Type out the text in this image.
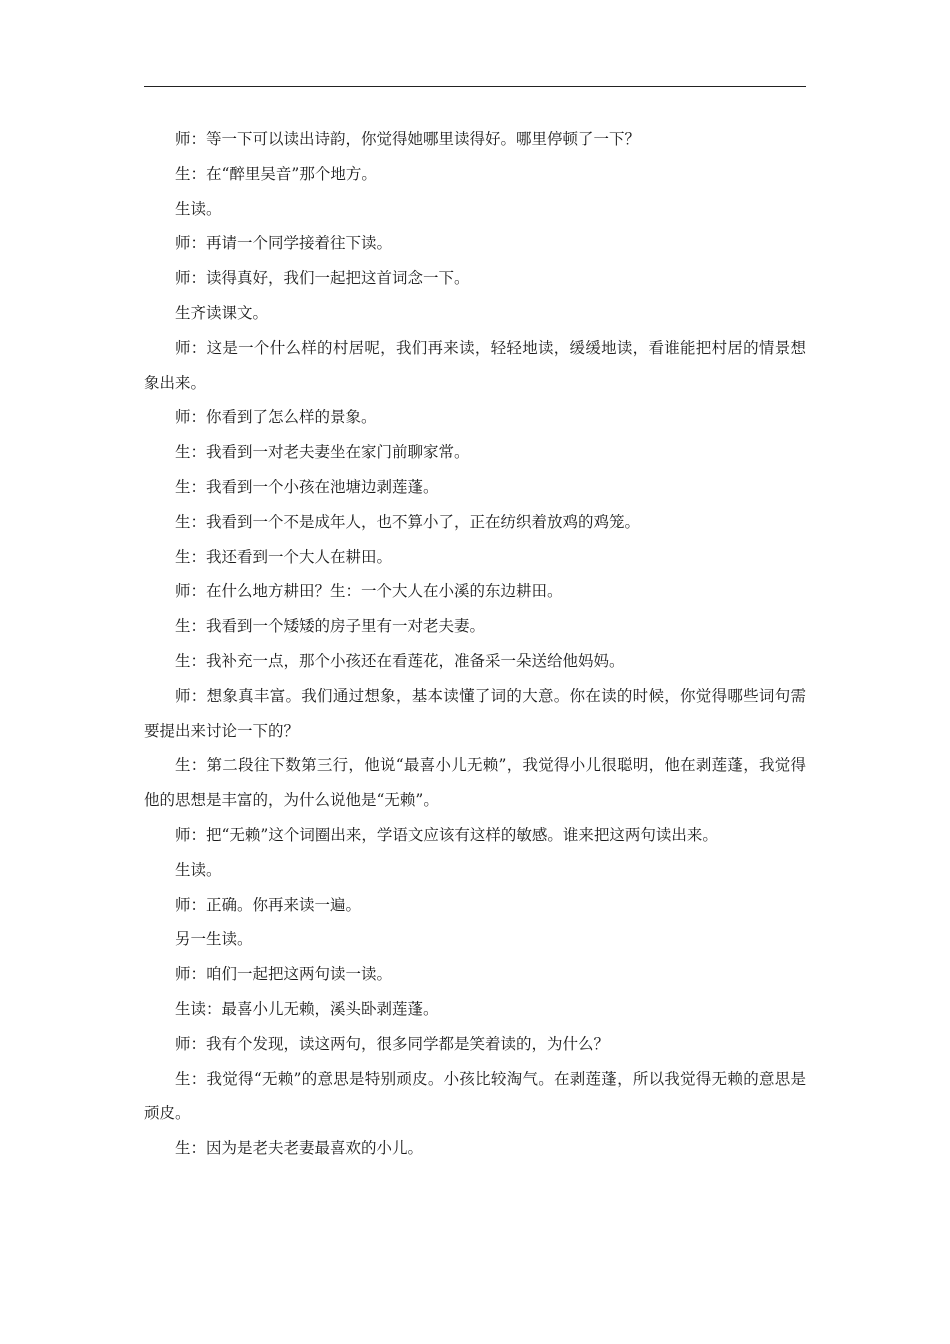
师：等一下可以读出诗韵，你觉得她哪里读得好。哪里停顿了一下？

生：在“醉里吴音”那个地方。

生读。

师：再请一个同学接着往下读。

师：读得真好，我们一起把这首词念一下。

生齐读课文。

师：这是一个什么样的村居呢，我们再来读，轻轻地读，缓缓地读，看谁能把村居的情景想象出来。

师：你看到了怎么样的景象。

生：我看到一对老夫妻坐在家门前聊家常。

生：我看到一个小孩在池塘边剥莲蓬。

生：我看到一个不是成年人，也不算小了，正在纺织着放鸡的鸡笼。

生：我还看到一个大人在耕田。

师：在什么地方耕田？生：一个大人在小溪的东边耕田。

生：我看到一个矮矮的房子里有一对老夫妻。

生：我补充一点，那个小孩还在看莲花，准备采一朵送给他妈妈。

师：想象真丰富。我们通过想象，基本读懂了词的大意。你在读的时候，你觉得哪些词句需要提出来讨论一下的？

生：第二段往下数第三行，他说“最喜小儿无赖”，我觉得小儿很聪明，他在剥莲蓬，我觉得他的思想是丰富的，为什么说他是“无赖”。

师：把“无赖”这个词圈出来，学语文应该有这样的敏感。谁来把这两句读出来。

生读。

师：正确。你再来读一遍。

另一生读。

师：咱们一起把这两句读一读。

生读：最喜小儿无赖，溪头卧剥莲蓬。

师：我有个发现，读这两句，很多同学都是笑着读的，为什么？

生：我觉得“无赖”的意思是特别顽皮。小孩比较淘气。在剥莲蓬，所以我觉得无赖的意思是顽皮。

生：因为是老夫老妻最喜欢的小儿。
